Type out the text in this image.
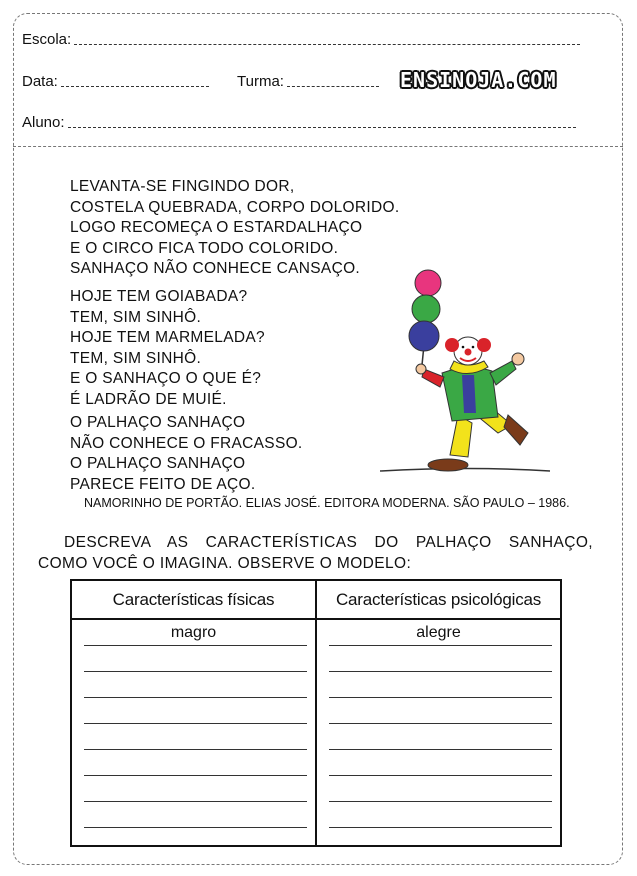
Escola:
Data:	Turma:	ENSINOJA.COM
Aluno:
LEVANTA-SE FINGINDO DOR,
COSTELA QUEBRADA, CORPO DOLORIDO.
LOGO RECOMEÇA O ESTARDALHAÇO
E O CIRCO FICA TODO COLORIDO.
SANHAÇO NÃO CONHECE CANSAÇO.
HOJE TEM GOIABADA?
TEM, SIM SINHÔ.
HOJE TEM MARMELADA?
TEM, SIM SINHÔ.
E O SANHAÇO O QUE É?
É LADRÃO DE MUIÉ.
O PALHAÇO SANHAÇO
NÃO CONHECE O FRACASSO.
O PALHAÇO SANHAÇO
PARECE FEITO DE AÇO.
NAMORINHO DE PORTÃO. ELIAS JOSÉ. EDITORA MODERNA. SÃO PAULO – 1986.
DESCREVA AS CARACTERÍSTICAS DO PALHAÇO SANHAÇO,
COMO VOCÊ O IMAGINA. OBSERVE O MODELO:
Características físicas
magro
Características psicológicas
alegre
